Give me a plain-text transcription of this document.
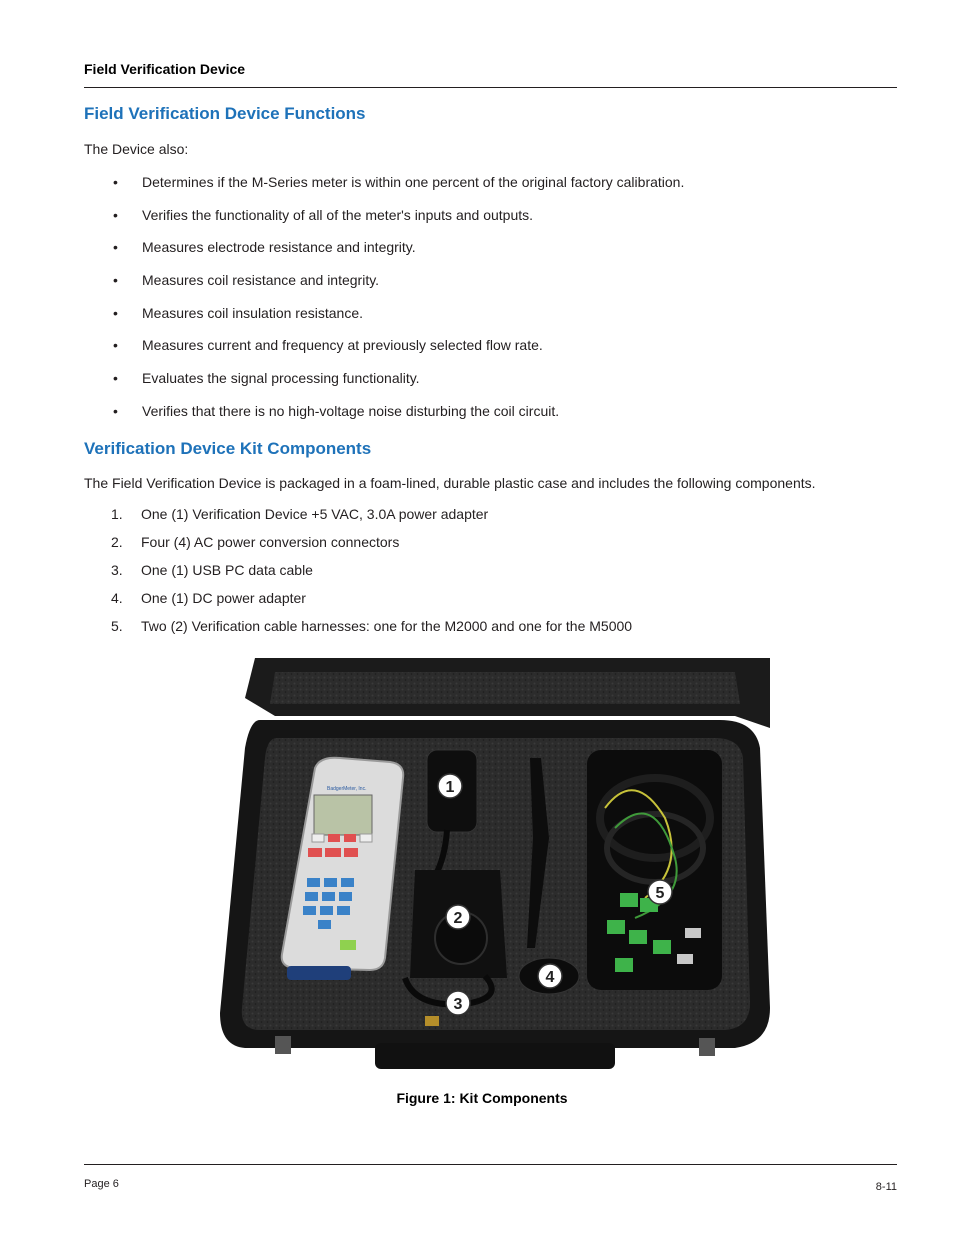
Field Verification Device
Field Verification Device Functions

The Device also:

• Determines if the M-Series meter is within one percent of the original factory calibration.
• Verifies the functionality of all of the meter's inputs and outputs.
• Measures electrode resistance and integrity.
• Measures coil resistance and integrity.
• Measures coil insulation resistance.
• Measures current and frequency at previously selected flow rate.
• Evaluates the signal processing functionality.
• Verifies that there is no high-voltage noise disturbing the coil circuit.
Verification Device Kit Components

The Field Verification Device is packaged in a foam-lined, durable plastic case and includes the following components.

1. One (1) Verification Device +5 VAC, 3.0A power adapter
2. Four (4) AC power conversion connectors
3. One (1) USB PC data cable
4. One (1) DC power adapter
5. Two (2) Verification cable harnesses: one for the M2000 and one for the M5000
BadgerMeter, Inc.	1
2
3
4
5
Figure 1: Kit Components
Page 6	8-11
